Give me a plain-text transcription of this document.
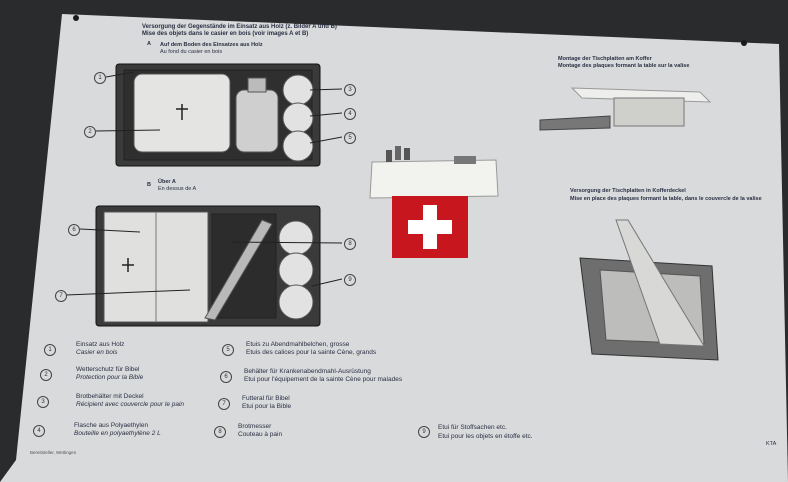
Versorgung der Gegenstände im Einsatz aus Holz (z. Bilder A und B)
Mise des objets dans le casier en bois (voir images A et B)
A Auf dem Boden des Einsatzes aus Holz
Au fond du casier en bois
1
2
3
4
5
B Über A
En dessus de A
6
7
8
9
Montage der Tischplatten am Koffer
Montage des plaques formant la table sur la valise
Versorgung der Tischplatten in Kofferdeckel
Mise en place des plaques formant la table, dans le couvercle de la valise
1
Einsatz aus Holz
Casier en bois
2
Wetterschutz für Bibel
Protection pour la Bible
3
Brotbehälter mit Deckel
Récipient avec couvercle pour le pain
4
Flasche aus Polyaethylen
Bouteille en polyaethylène 2 L
5
Etuis zu Abendmahlbelchen, grosse
Etuis des calices pour la sainte Cène, grands
6
Behälter für Krankenabendmahl-Ausrüstung
Etui pour l'équipement de la sainte Cène pour malades
7
Futteral für Bibel
Etui pour la Bible
8
Brotmesser
Couteau à pain	9
Etui für Stoffsachen etc.
Etui pour les objets en étoffe etc.
Bereitsteller, Wettingen
KTA
